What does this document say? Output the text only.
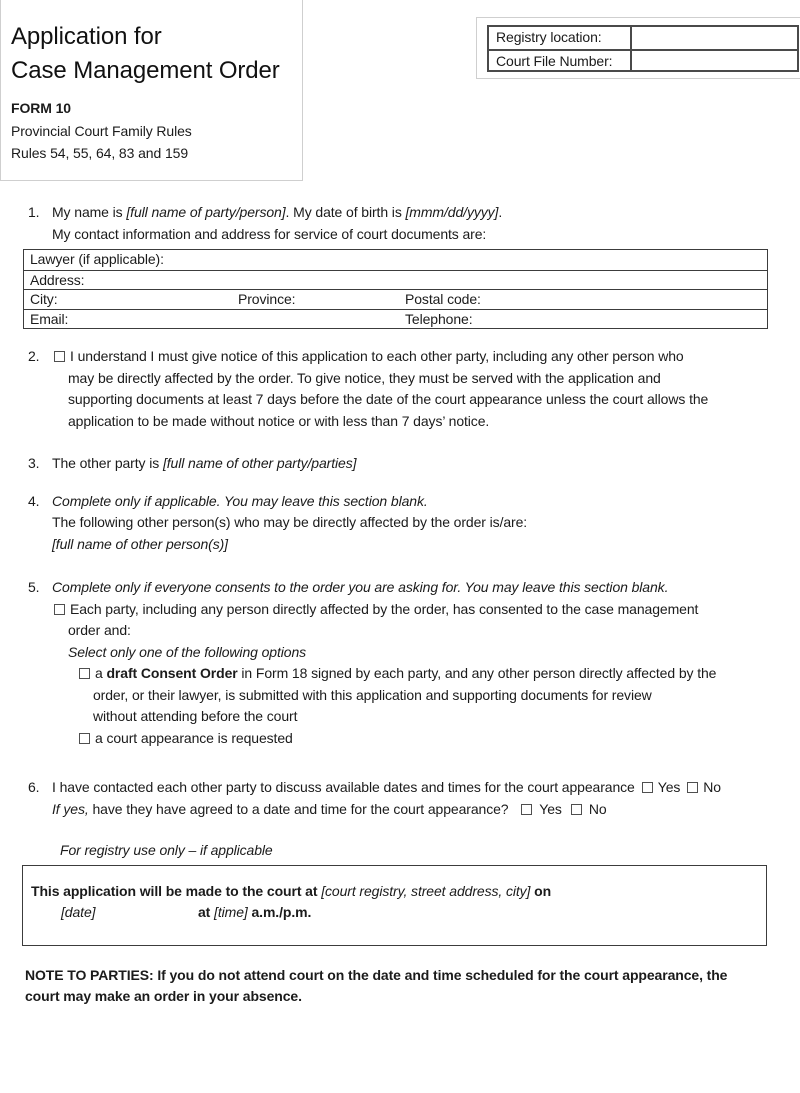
Application for
Case Management Order
FORM 10
Provincial Court Family Rules
Rules 54, 55, 64, 83 and 159
Registry location:
Court File Number:
1. My name is [full name of party/person]. My date of birth is [mmm/dd/yyyy].
My contact information and address for service of court documents are:
Lawyer (if applicable):
Address:
City:	Province:	Postal code:
Email:	Telephone:
2.	I understand I must give notice of this application to each other party, including any other person who
may be directly affected by the order. To give notice, they must be served with the application and
supporting documents at least 7 days before the date of the court appearance unless the court allows the
application to be made without notice or with less than 7 days’ notice.
3. The other party is [full name of other party/parties]
4. Complete only if applicable. You may leave this section blank.
The following other person(s) who may be directly affected by the order is/are:
[full name of other person(s)]
5. Complete only if everyone consents to the order you are asking for. You may leave this section blank.
Each party, including any person directly affected by the order, has consented to the case management
order and:
Select only one of the following options
a draft Consent Order in Form 18 signed by each party, and any other person directly affected by the
order, or their lawyer, is submitted with this application and supporting documents for review
without attending before the court
a court appearance is requested
6. I have contacted each other party to discuss available dates and times for the court appearance Yes No
If yes, have they have agreed to a date and time for the court appearance? Yes No
For registry use only – if applicable
This application will be made to the court at [court registry, street address, city] on
[date]	at [time] a.m./p.m.
NOTE TO PARTIES: If you do not attend court on the date and time scheduled for the court appearance, the
court may make an order in your absence.
